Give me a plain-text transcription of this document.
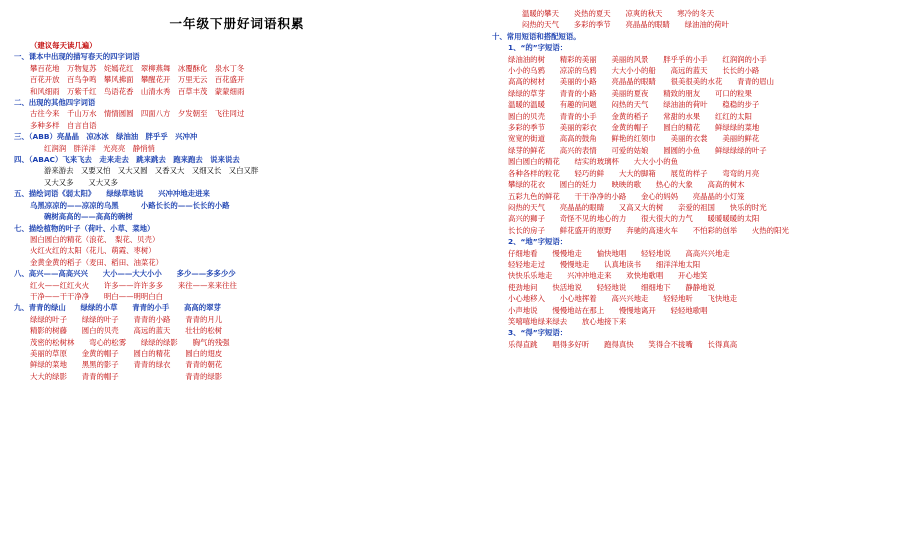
一年级下册好词语积累
（建议每天读几遍）
一、课本中出现的描写春天的四字词语
攀百花地　万物复苏　姹嫣花红　翠柳燕舞　冰覆酥化　泉水丁冬
百花开放　百鸟争鸣　攀风拂面　攀醒花开　万里无云　百花盛开
和风细雨　万紫千红　鸟语花香　山清水秀　百草丰茂　蒙蒙细雨
二、出现的其他四字词语
古往今来　千山万水　情情圆圆　四面八方　夕发朝至　飞往同过
多种多样　自言自语
三、（ABB）亮晶晶　凉冰冰　绿油油　胖乎乎　兴冲冲
红润润　胖洋洋　光亮亮　静悄悄
四、（ABAC）飞来飞去　走来走去　跳来跳去　跑来跑去　说来说去
游来游去　又要又怕　又大又圆　又香又大　又细又长　又白又胖
又大又多　　又大又多
五、描绘词语《弱太阳》　　绿绿草地说　　兴冲冲地走进来
乌黑凉凉的——凉凉的乌黑　　　小路长长的——长长的小路
碗树高高的——高高的碗树
七、描绘植物的叶子（荷叶、小草、菜地）
圆白圆白的精花（浪花、　梨花、贝壳）
火红火红的太阳（花儿、萌霞、枣树）
金黄金黄的稻子（麦田、稻田、油菜花）
八、高兴——高高兴兴　　大小——大大小小　　多少——多多少少
红火——红红火火　　许多——许许多多　　来往——来来往往
干净——干干净净　　明白——明明白白
九、青青的绿山　　绿绿的小草　　青青的小手　　高高的翠芽
绿绿的叶子　　绿绿的叶子　　青青的小路　　青青的月儿
精影的树藤　　圆白的贝壳　　高远的蓝天　　壮壮的松树
茂密的松树林　　弯心的松雾　　绿绿的绿影　　胸气的残强
美丽的草原　　金黄的帽子　　圆白的精花　　圆白的翅皮
鲜绿的菜地　　黑黑的影子　　青青的绿衣　　青青的朝花
大大的绿影　　青青的帽子　　　　　　　　　青青的绿影
温暖的攀天　　炎热的夏天　　凉爽的秋天　　寒冷的冬天
闷热的天气　　多彩的季节　　亮晶晶的眼睛　　绿油油的荷叶
十、常用短语和搭配短语。
1、“的”字短语：
绿油油的树　　精彩的美丽　　美丽的风景　　胖乎乎的小手　　红润润的小手
小小的乌鸦　　凉凉的乌鸦　　大大小小的船　　高远的蓝天　　长长的小路
高高的树材　　美丽的小路　　亮晶晶的眼睛　　很美很美的水花　　青青的眉山
绿绿的草芽　　青青的小路　　美丽的夏夜　　精致的朋友　　可口的粒果
温暖的温暖　　有趣的问题　　闷热的天气　　绿油油的荷叶　　稳稳的步子
圆白的贝壳　　青青的小手　　金黄的稻子　　常甜的水果　　红红的太阳
多彩的季节　　美丽的彩衣　　金黄的帽子　　圆白的精花　　鲜绿绿的菜地
宽宽的街道　　高高的鼓角　　鲜艳的红领巾　　美丽的衣裳　　美丽的鲜花
绿芽的鲜花　　高兴的表情　　可爱的姑娘　　圆圆的小鱼　　鲜绿绿绿的叶子
圆白圆白的精花　　结实的玻璃杯　　大大小小的鱼
各种各样的粒花　　轻巧的鲜　　大大的脚箱　　展览的样子　　弯弯的月亮
攀绿的花衣　　圆白的妊力　　映映的歌　　热心的大象　　高高的树木
五彩九色的鲜花　　干干净净的小路　　金心的妈妈　　亮晶晶的小灯笼
闷热的天气　　亮晶晶的眼睛　　又高又大的树　　亲爱的祖国　　快乐的时光
高兴的狮子　　奇怪不见的地心的力　　很大很大的力气　　暖暖暖暖的太阳
长长的房子　　鲜花盛开的原野　　奔驰的高速火车　　不怕彩的创举　　火热的阳光
2、“地”字短语：
仔细地看　　慢慢地走　　愉快地唱　　轻轻地说　　高高兴兴地走
轻轻地走过　　慢慢地走　　认真地读书　　细洋洋地太阳
快快乐乐地走　　兴冲冲地走来　　欢快地歌唱　　开心地笑
使劲地问　　快活地说　　轻轻地说　　细细地下　　静静地说
小心地移入　　小心地挥着　　高兴兴地走　　轻轻地听　　飞快地走
小声地说　　慢慢地站在那上　　慢慢地离开　　轻轻地歌唱
笑嘻嘻地绿来绿去　　放心地接下来
3、“得”字短语：
乐得直跳　　唱得多好听　　跑得真快　　笑得合不拢嘴　　长得真高
